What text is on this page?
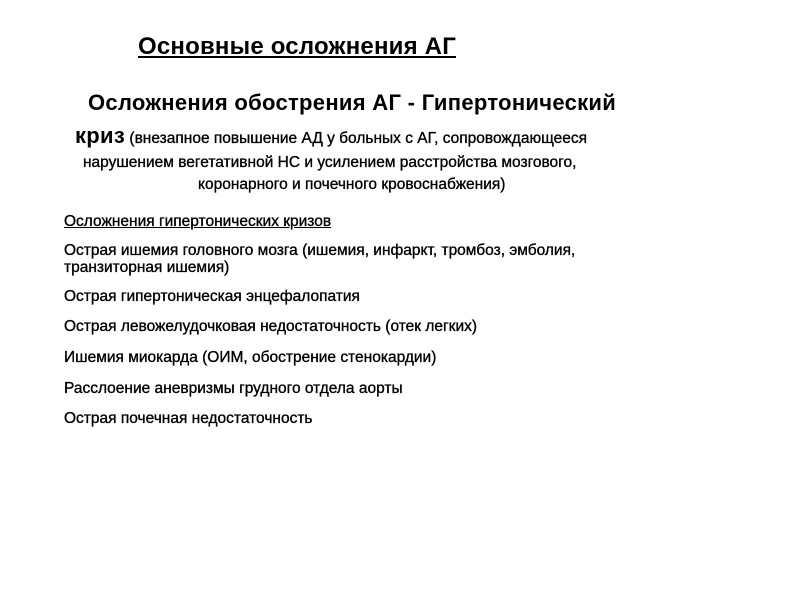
Основные осложнения АГ
Осложнения обострения АГ - Гипертонический
криз (внезапное повышение АД у больных с АГ, сопровождающееся
нарушением вегетативной НС и усилением расстройства мозгового,
коронарного и почечного кровоснабжения)
Осложнения гипертонических кризов
Острая ишемия головного мозга (ишемия, инфаркт, тромбоз, эмболия,
транзиторная ишемия)
Острая гипертоническая энцефалопатия
Острая левожелудочковая недостаточность (отек легких)
Ишемия миокарда (ОИМ, обострение стенокардии)
Расслоение аневризмы грудного отдела аорты
Острая почечная недостаточность
